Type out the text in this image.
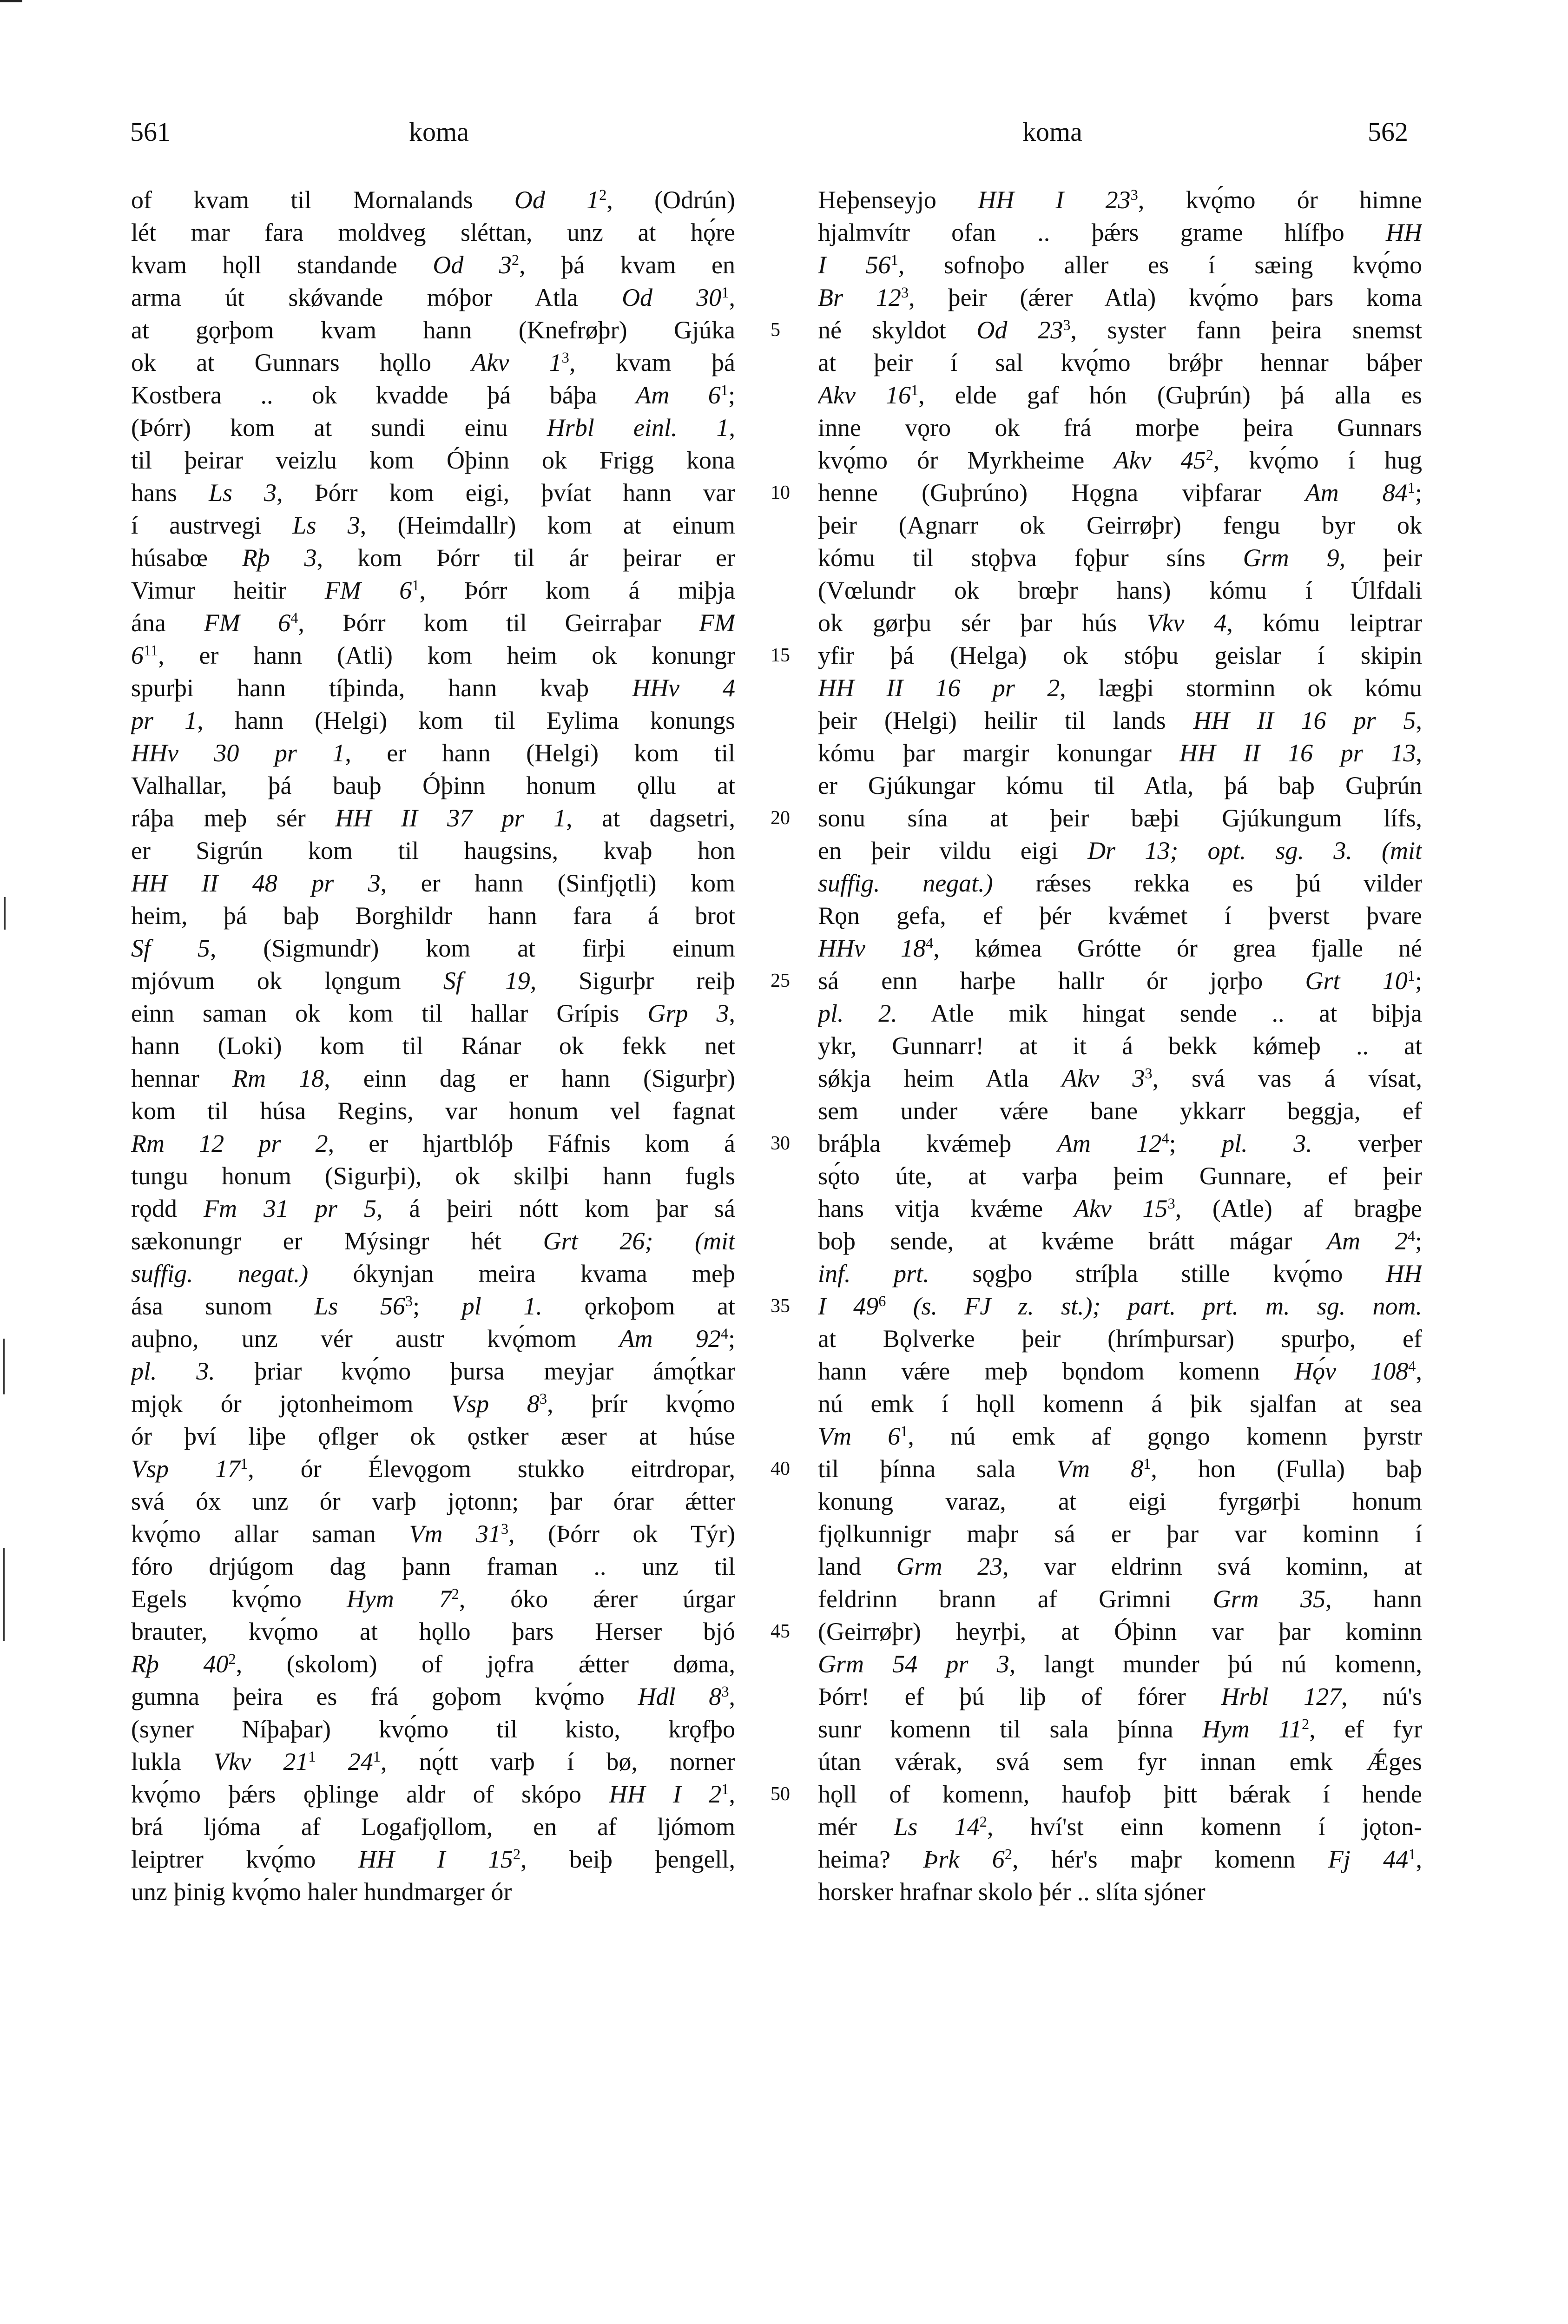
561	koma	koma	562
of kvam til Mornalands Od $1^2$, (Odrún)
lét mar fara moldveg sléttan, unz at hǫ́re
kvam hǫll standande Od $3^2$, þá kvam en
arma út skǿvande móþor Atla Od $30^1$,
at gǫrþom kvam hann (Knefrøþr) Gjúka
ok at Gunnars hǫllo Akv $1^3$, kvam þá
Kostbera .. ok kvadde þá báþa Am $6^1$;
(Þórr) kom at sundi einu Hrbl einl. 1,
til þeirar veizlu kom Óþinn ok Frigg kona
hans Ls 3, Þórr kom eigi, þvíat hann var
í austrvegi Ls 3, (Heimdallr) kom at einum
húsabœ Rþ 3, kom Þórr til ár þeirar er
Vimur heitir FM $6^1$, Þórr kom á miþja
ána FM $6^4$, Þórr kom til Geirraþar FM
$6^{11}$, er hann (Atli) kom heim ok konungr
spurþi hann tíþinda, hann kvaþ HHv 4
pr 1, hann (Helgi) kom til Eylima konungs
HHv 30 pr 1, er hann (Helgi) kom til
Valhallar, þá bauþ Óþinn honum ǫllu at
ráþa meþ sér HH II 37 pr 1, at dagsetri,
er Sigrún kom til haugsins, kvaþ hon
HH II 48 pr 3, er hann (Sinfjǫtli) kom
heim, þá baþ Borghildr hann fara á brot
Sf 5, (Sigmundr) kom at firþi einum
mjóvum ok lǫngum Sf 19, Sigurþr reiþ
einn saman ok kom til hallar Grípis Grp 3,
hann (Loki) kom til Ránar ok fekk net
hennar Rm 18, einn dag er hann (Sigurþr)
kom til húsa Regins, var honum vel fagnat
Rm 12 pr 2, er hjartblóþ Fáfnis kom á
tungu honum (Sigurþi), ok skilþi hann fugls
rǫdd Fm 31 pr 5, á þeiri nótt kom þar sá
sækonungr er Mýsingr hét Grt 26; (mit
suffig. negat.) ókynjan meira kvama meþ
ása sunom Ls $56^3$; pl 1. ǫrkoþom at
auþno, unz vér austr kvǫ́mom Am $92^4$;
pl. 3. þriar kvǫ́mo þursa meyjar ámǫ́tkar
mjǫk ór jǫtonheimom Vsp $8^3$, þrír kvǫ́mo
ór því liþe ǫflger ok ǫstker æser at húse
Vsp $17^1$, ór Élevǫgom stukko eitrdropar,
svá óx unz ór varþ jǫtonn; þar órar ǽtter
kvǫ́mo allar saman Vm $31^3$, (Þórr ok Týr)
fóro drjúgom dag þann framan .. unz til
Egels kvǫ́mo Hym $7^2$, óko ǽrer úrgar
brauter, kvǫ́mo at hǫllo þars Herser bjó
Rþ $40^2$, (skolom) of jǫfra ǽtter døma,
gumna þeira es frá goþom kvǫ́mo Hdl $8^3$,
(syner Níþaþar) kvǫ́mo til kisto, krǫfþo
lukla Vkv $21^1$ $24^1$, nǫ́tt varþ í bø, norner
kvǫ́mo þǽrs ǫþlinge aldr of skópo HH I $2^1$,
brá ljóma af Logafjǫllom, en af ljómom
leiptrer kvǫ́mo HH I $15^2$, beiþ þengell,
unz þinig kvǫ́mo haler hundmarger ór
5
10
15
20
25
30
35
40
45
50
Heþenseyjo HH I $23^3$, kvǫ́mo ór himne
hjalmvítr ofan .. þǽrs grame hlífþo HH
I $56^1$, sofnoþo aller es í sæing kvǫ́mo
Br $12^3$, þeir (ǽrer Atla) kvǫ́mo þars koma
né skyldot Od $23^3$, syster fann þeira snemst
at þeir í sal kvǫ́mo brǿþr hennar báþer
Akv $16^1$, elde gaf hón (Guþrún) þá alla es
inne vǫro ok frá morþe þeira Gunnars
kvǫ́mo ór Myrkheime Akv $45^2$, kvǫ́mo í hug
henne (Guþrúno) Hǫgna viþfarar Am $84^1$;
þeir (Agnarr ok Geirrøþr) fengu byr ok
kómu til stǫþva fǫþur síns Grm 9, þeir
(Vœlundr ok brœþr hans) kómu í Úlfdali
ok gørþu sér þar hús Vkv 4, kómu leiptrar
yfir þá (Helga) ok stóþu geislar í skipin
HH II 16 pr 2, lægþi storminn ok kómu
þeir (Helgi) heilir til lands HH II 16 pr 5,
kómu þar margir konungar HH II 16 pr 13,
er Gjúkungar kómu til Atla, þá baþ Guþrún
sonu sína at þeir bæþi Gjúkungum lífs,
en þeir vildu eigi Dr 13; opt. sg. 3. (mit
suffig. negat.) rǽses rekka es þú vilder
Rǫn gefa, ef þér kvǽmet í þverst þvare
HHv $18^4$, kǿmea Grótte ór grea fjalle né
sá enn harþe hallr ór jǫrþo Grt $10^1$;
pl. 2. Atle mik hingat sende .. at biþja
ykr, Gunnarr! at it á bekk kǿmeþ .. at
sǿkja heim Atla Akv $3^3$, svá vas á vísat,
sem under vǽre bane ykkarr beggja, ef
bráþla kvǽmeþ Am $12^4$; pl. 3. verþer
sǫ́to úte, at varþa þeim Gunnare, ef þeir
hans vitja kvǽme Akv $15^3$, (Atle) af bragþe
boþ sende, at kvǽme brátt mágar Am $2^4$;
inf. prt. sǫgþo stríþla stille kvǫ́mo HH
I $49^6$ (s. FJ z. st.); part. prt. m. sg. nom.
at Bǫlverke þeir (hrímþursar) spurþo, ef
hann vǽre meþ bǫndom komenn Hǫ́v $108^4$,
nú emk í hǫll komenn á þik sjalfan at sea
Vm $6^1$, nú emk af gǫngo komenn þyrstr
til þínna sala Vm $8^1$, hon (Fulla) baþ
konung varaz, at eigi fyrgørþi honum
fjǫlkunnigr maþr sá er þar var kominn í
land Grm 23, var eldrinn svá kominn, at
feldrinn brann af Grimni Grm 35, hann
(Geirrøþr) heyrþi, at Óþinn var þar kominn
Grm 54 pr 3, langt munder þú nú komenn,
Þórr! ef þú liþ of fórer Hrbl 127, nú's
sunr komenn til sala þínna Hym $11^2$, ef fyr
útan vǽrak, svá sem fyr innan emk Ǽges
hǫll of komenn, haufoþ þitt bǽrak í hende
mér Ls $14^2$, hví'st einn komenn í jǫton-
heima? Þrk $6^2$, hér's maþr komenn Fj $44^1$,
horsker hrafnar skolo þér .. slíta sjóner
